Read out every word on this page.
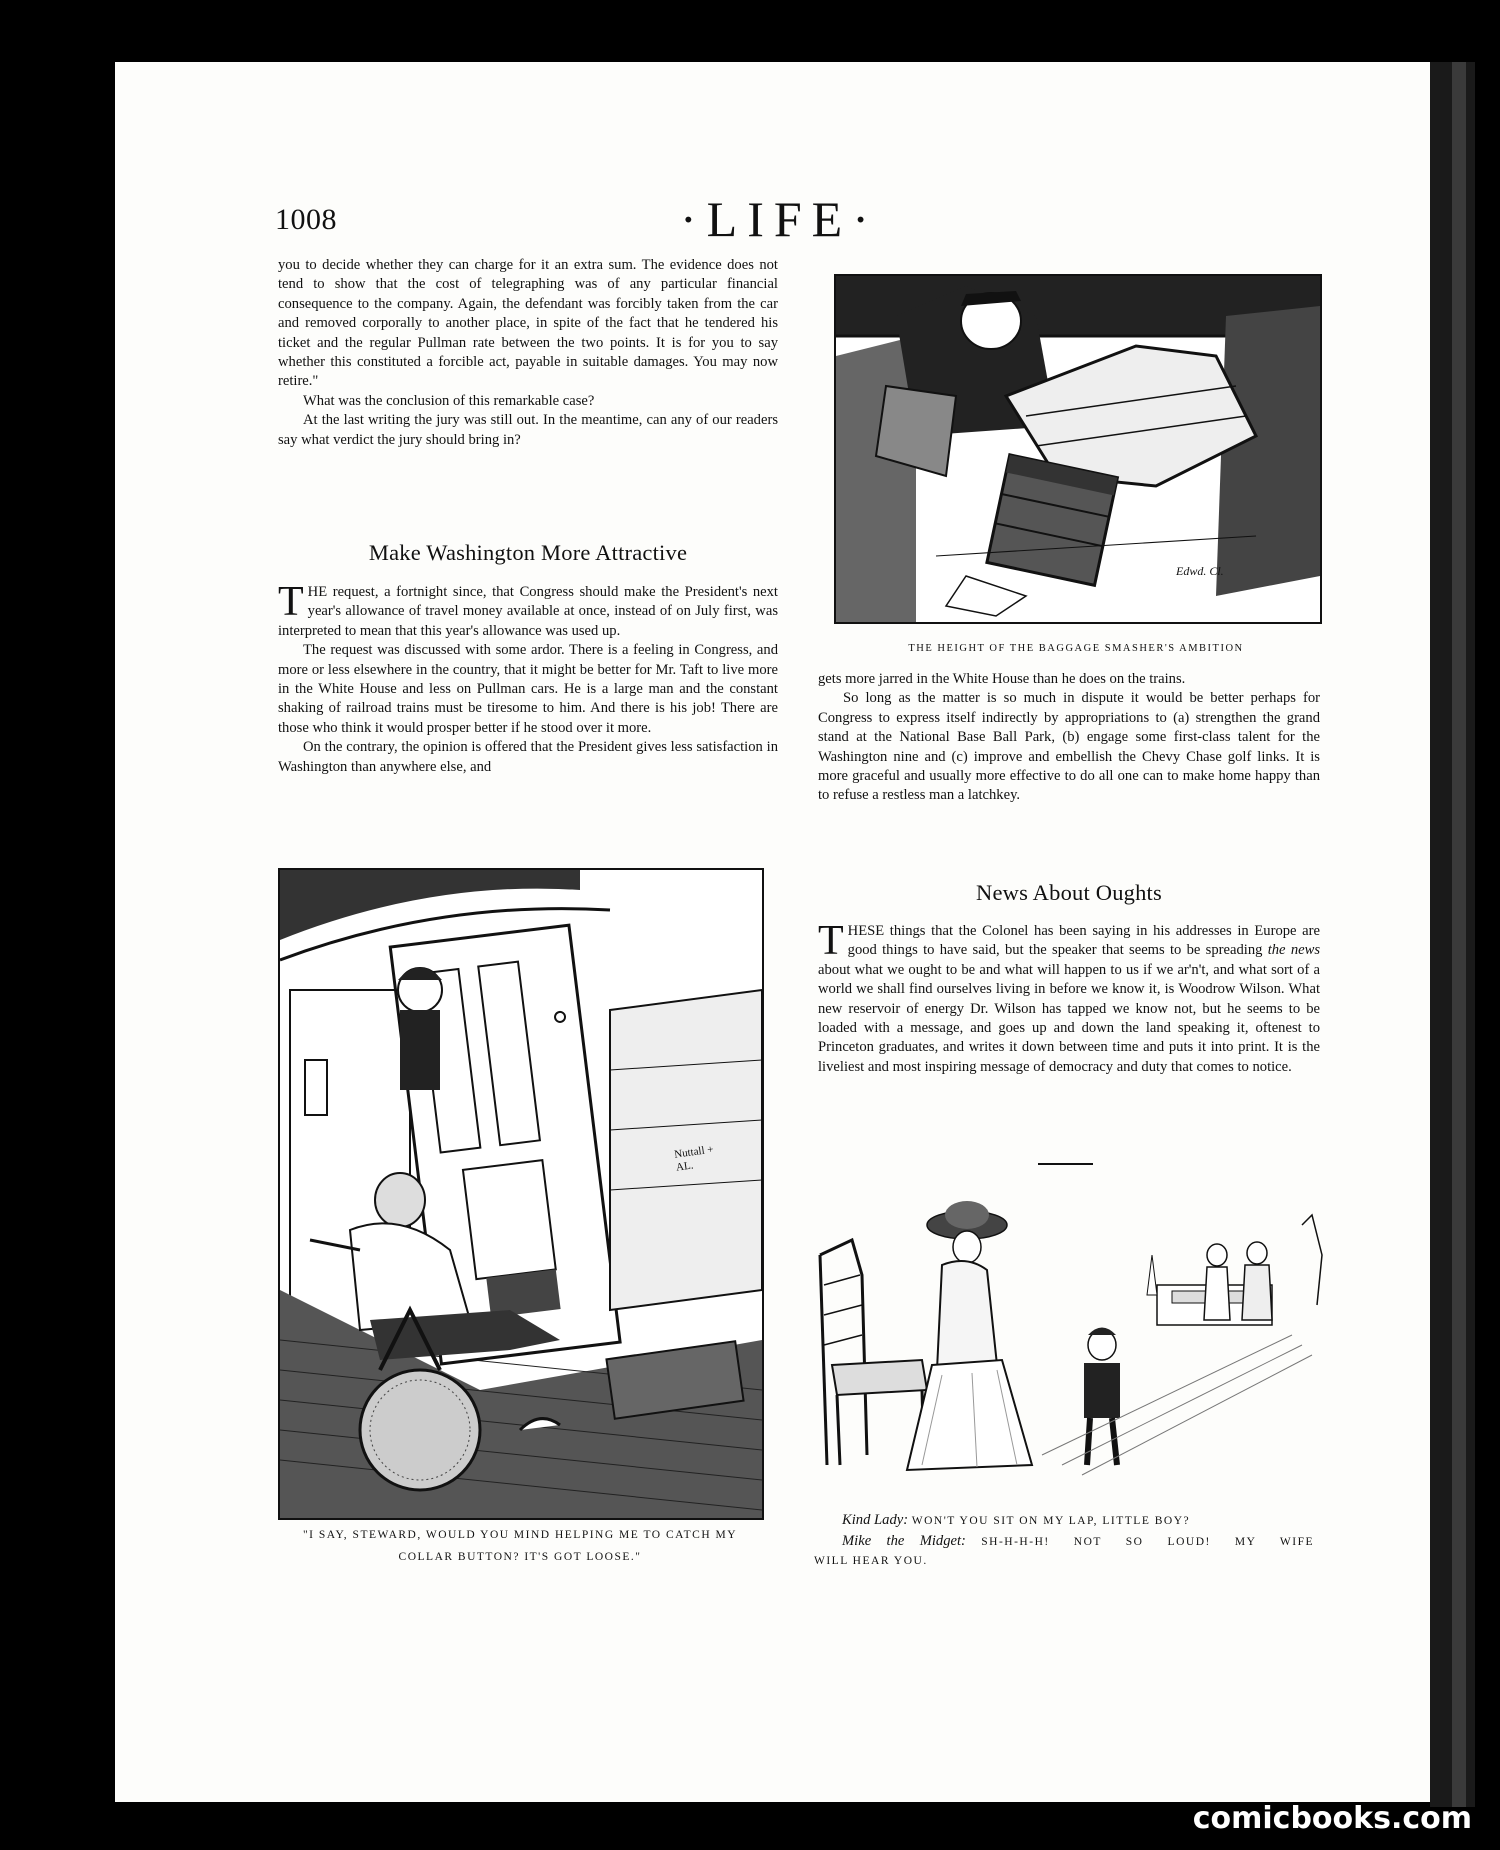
1008	·LIFE·

you to decide whether they can charge for it an extra sum. The evidence does not tend to show that the cost of telegraphing was of any particular financial consequence to the company. Again, the defendant was forcibly taken from the car and removed corporally to another place, in spite of the fact that he tendered his ticket and the regular Pullman rate between the two points. It is for you to say whether this constituted a forcible act, payable in suitable damages. You may now retire."

What was the conclusion of this remarkable case?

At the last writing the jury was still out. In the meantime, can any of our readers say what verdict the jury should bring in?

Make Washington More Attractive

THE request, a fortnight since, that Congress should make the President's next year's allowance of travel money available at once, instead of on July first, was interpreted to mean that this year's allowance was used up.

The request was discussed with some ardor. There is a feeling in Congress, and more or less elsewhere in the country, that it might be better for Mr. Taft to live more in the White House and less on Pullman cars. He is a large man and the constant shaking of railroad trains must be tiresome to him. And there is his job! There are those who think it would prosper better if he stood over it more.

On the contrary, the opinion is offered that the President gives less satisfaction in Washington than anywhere else, and

Nuttall + AL.
"I SAY, STEWARD, WOULD YOU MIND HELPING ME TO CATCH MY
COLLAR BUTTON? IT'S GOT LOOSE."
Edwd. Cl.
THE HEIGHT OF THE BAGGAGE SMASHER'S AMBITION

gets more jarred in the White House than he does on the trains.

So long as the matter is so much in dispute it would be better perhaps for Congress to express itself indirectly by appropriations to (a) strengthen the grand stand at the National Base Ball Park, (b) engage some first-class talent for the Washington nine and (c) improve and embellish the Chevy Chase golf links. It is more graceful and usually more effective to do all one can to make home happy than to refuse a restless man a latchkey.

News About Oughts

THESE things that the Colonel has been saying in his addresses in Europe are good things to have said, but the speaker that seems to be spreading the news about what we ought to be and what will happen to us if we ar'n't, and what sort of a world we shall find ourselves living in before we know it, is Woodrow Wilson. What new reservoir of energy Dr. Wilson has tapped we know not, but he seems to be loaded with a message, and goes up and down the land speaking it, oftenest to Princeton graduates, and writes it down between time and puts it into print. It is the liveliest and most inspiring message of democracy and duty that comes to notice.

Kind Lady: WON'T YOU SIT ON MY LAP, LITTLE BOY?
Mike the Midget: SH-H-H-H! NOT SO LOUD! MY WIFE
WILL HEAR YOU.
comicbooks.com
